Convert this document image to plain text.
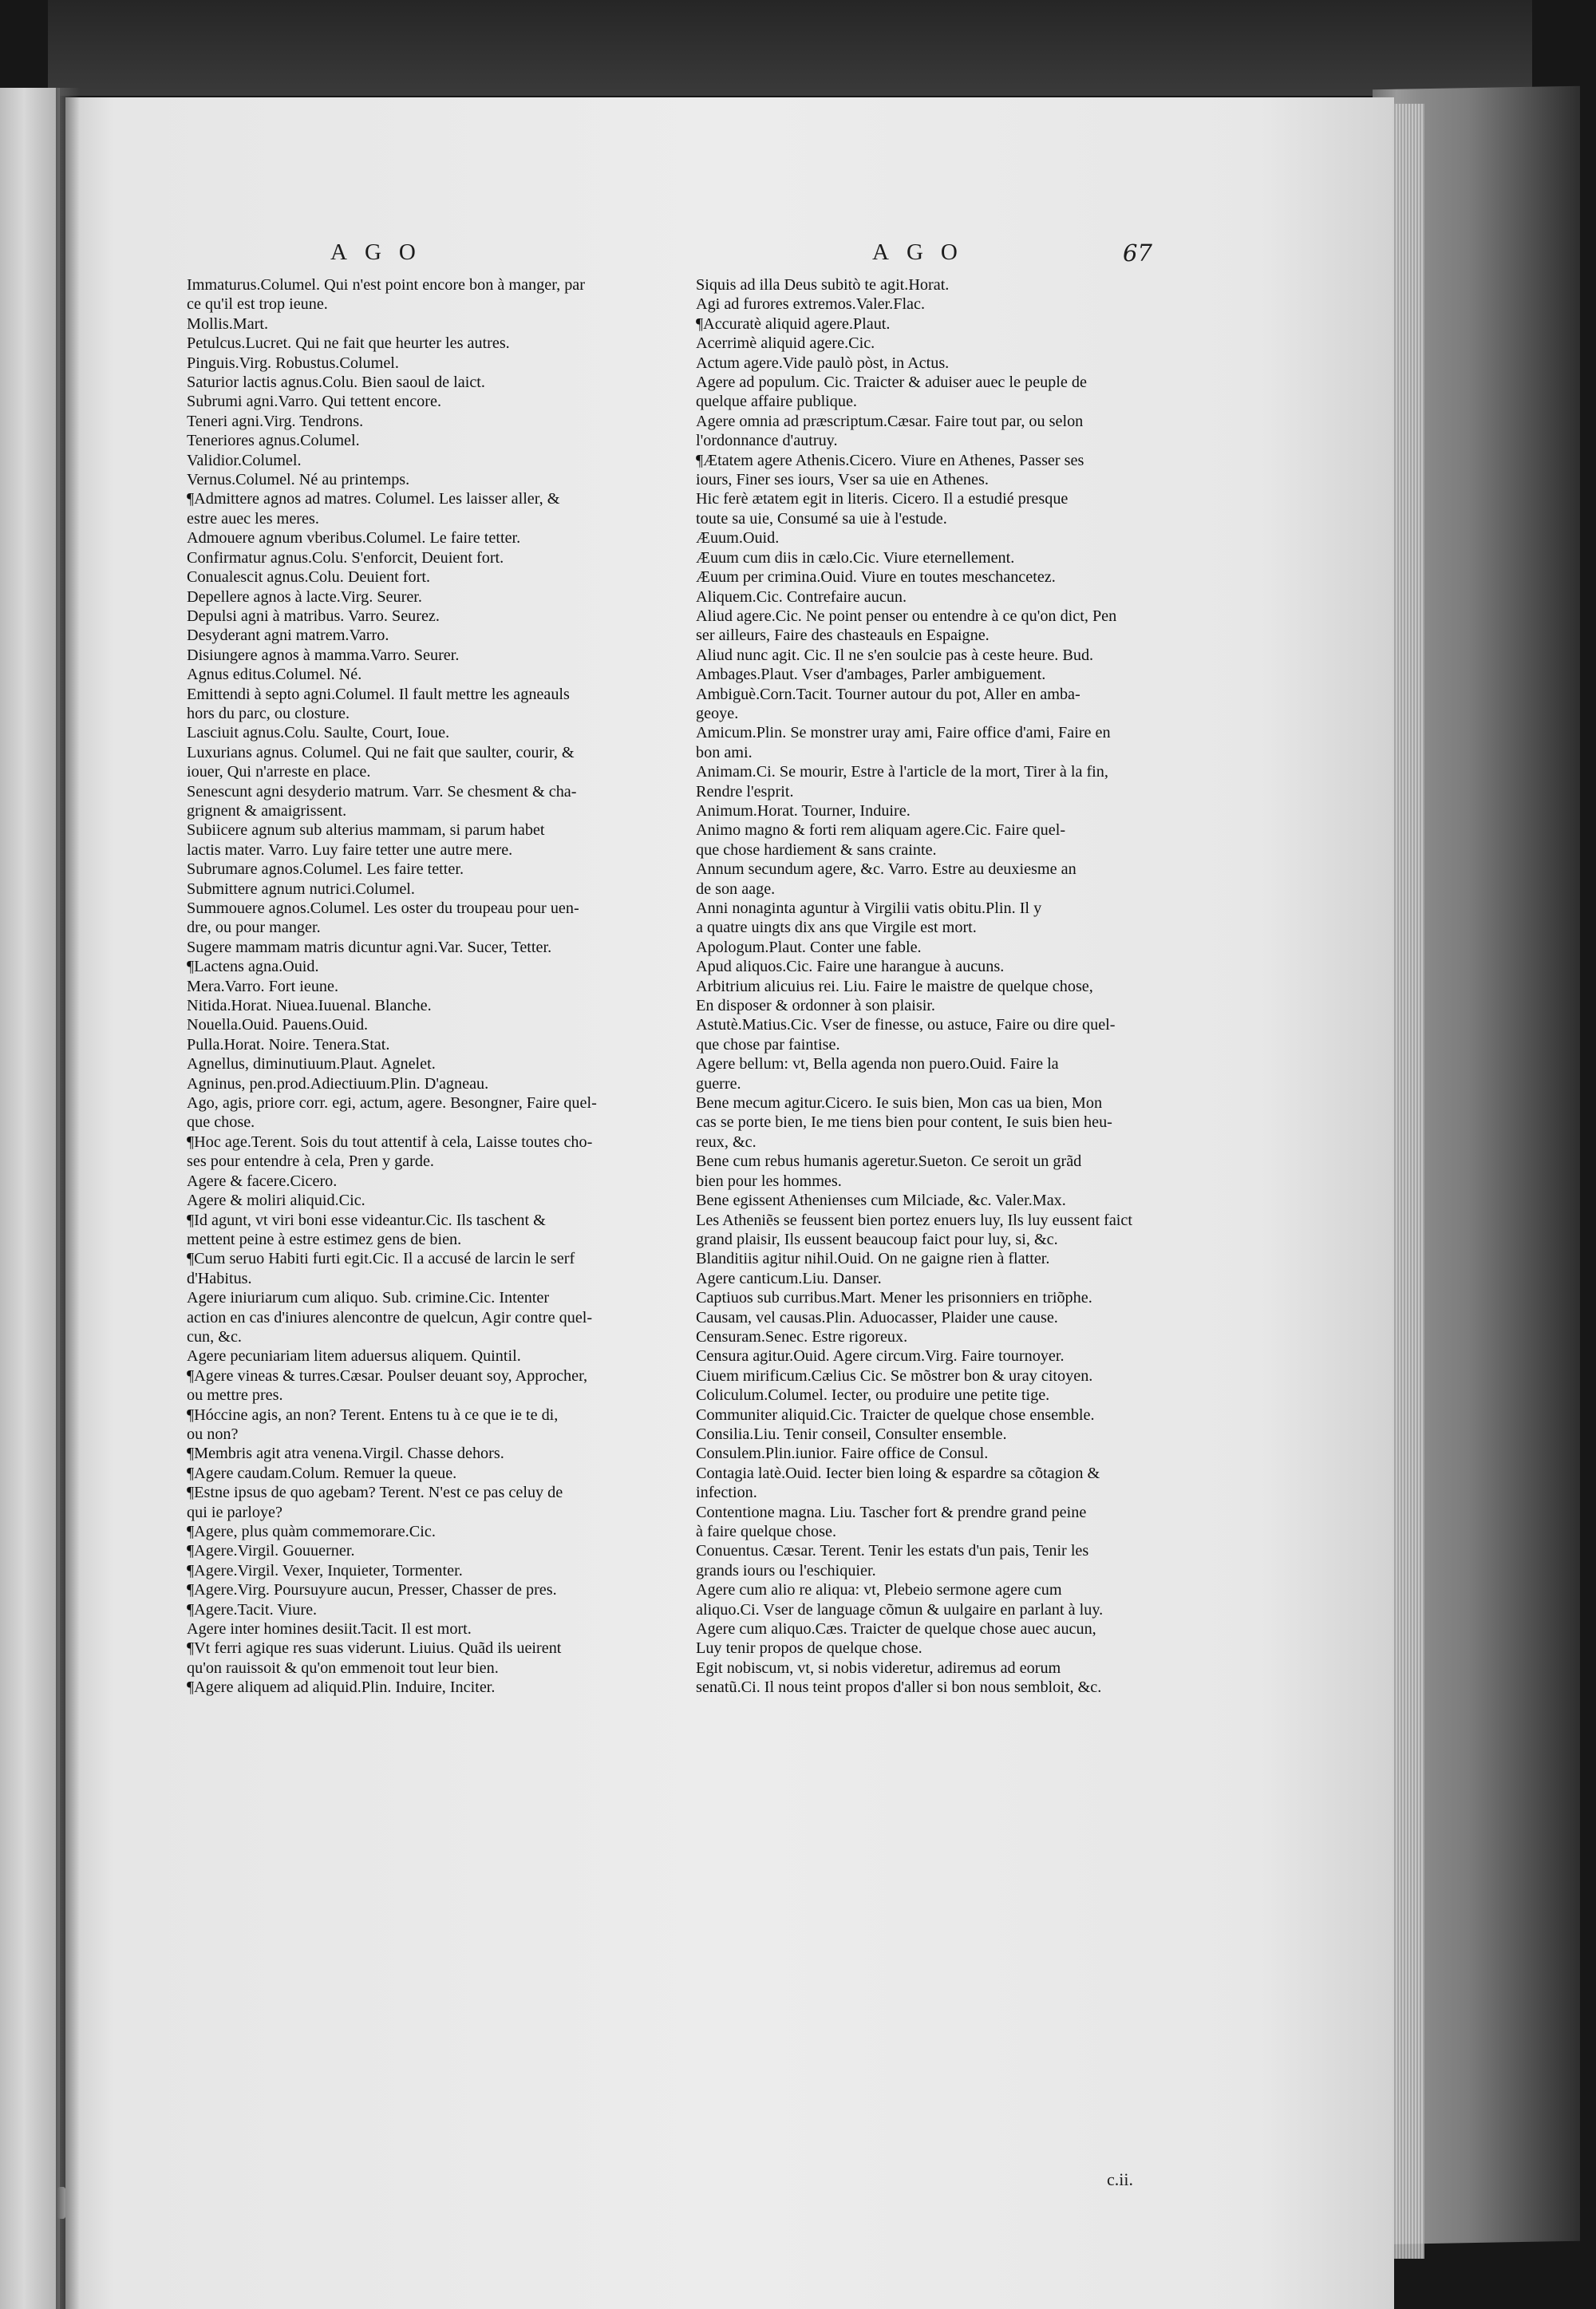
AGO	AGO	67

Immaturus.Columel. Qui n'est point encore bon à manger, par

ce qu'il est trop ieune.

Mollis.Mart.

Petulcus.Lucret. Qui ne fait que heurter les autres.

Pinguis.Virg. Robustus.Columel.

Saturior lactis agnus.Colu. Bien saoul de laict.

Subrumi agni.Varro. Qui tettent encore.

Teneri agni.Virg. Tendrons.

Teneriores agnus.Columel.

Validior.Columel.

Vernus.Columel. Né au printemps.

¶Admittere agnos ad matres. Columel. Les laisser aller, &

estre auec les meres.

Admouere agnum vberibus.Columel. Le faire tetter.

Confirmatur agnus.Colu. S'enforcit, Deuient fort.

Conualescit agnus.Colu. Deuient fort.

Depellere agnos à lacte.Virg. Seurer.

Depulsi agni à matribus. Varro. Seurez.

Desyderant agni matrem.Varro.

Disiungere agnos à mamma.Varro. Seurer.

Agnus editus.Columel. Né.

Emittendi à septo agni.Columel. Il fault mettre les agneauls

hors du parc, ou closture.

Lasciuit agnus.Colu. Saulte, Court, Ioue.

Luxurians agnus. Columel. Qui ne fait que saulter, courir, &

iouer, Qui n'arreste en place.

Senescunt agni desyderio matrum. Varr. Se chesment & cha-

grignent & amaigrissent.

Subiicere agnum sub alterius mammam, si parum habet

lactis mater. Varro. Luy faire tetter une autre mere.

Subrumare agnos.Columel. Les faire tetter.

Submittere agnum nutrici.Columel.

Summouere agnos.Columel. Les oster du troupeau pour uen-

dre, ou pour manger.

Sugere mammam matris dicuntur agni.Var. Sucer, Tetter.

¶Lactens agna.Ouid.

Mera.Varro. Fort ieune.

Nitida.Horat. Niuea.Iuuenal. Blanche.

Nouella.Ouid. Pauens.Ouid.

Pulla.Horat. Noire. Tenera.Stat.

Agnellus, diminutiuum.Plaut. Agnelet.

Agninus, pen.prod.Adiectiuum.Plin. D'agneau.

Ago, agis, priore corr. egi, actum, agere. Besongner, Faire quel-

que chose.

¶Hoc age.Terent. Sois du tout attentif à cela, Laisse toutes cho-

ses pour entendre à cela, Pren y garde.

Agere & facere.Cicero.

Agere & moliri aliquid.Cic.

¶Id agunt, vt viri boni esse videantur.Cic. Ils taschent &

mettent peine à estre estimez gens de bien.

¶Cum seruo Habiti furti egit.Cic. Il a accusé de larcin le serf

d'Habitus.

Agere iniuriarum cum aliquo. Sub. crimine.Cic. Intenter

action en cas d'iniures alencontre de quelcun, Agir contre quel-

cun, &c.

Agere pecuniariam litem aduersus aliquem. Quintil.

¶Agere vineas & turres.Cæsar. Poulser deuant soy, Approcher,

ou mettre pres.

¶Hóccine agis, an non? Terent. Entens tu à ce que ie te di,

ou non?

¶Membris agit atra venena.Virgil. Chasse dehors.

¶Agere caudam.Colum. Remuer la queue.

¶Estne ipsus de quo agebam? Terent. N'est ce pas celuy de

qui ie parloye?

¶Agere, plus quàm commemorare.Cic.

¶Agere.Virgil. Gouuerner.

¶Agere.Virgil. Vexer, Inquieter, Tormenter.

¶Agere.Virg. Poursuyure aucun, Presser, Chasser de pres.

¶Agere.Tacit. Viure.

Agere inter homines desiit.Tacit. Il est mort.

¶Vt ferri agique res suas viderunt. Liuius. Quãd ils ueirent

qu'on rauissoit & qu'on emmenoit tout leur bien.

¶Agere aliquem ad aliquid.Plin. Induire, Inciter.

Siquis ad illa Deus subitò te agit.Horat.

Agi ad furores extremos.Valer.Flac.

¶Accuratè aliquid agere.Plaut.

Acerrimè aliquid agere.Cic.

Actum agere.Vide paulò pòst, in Actus.

Agere ad populum. Cic. Traicter & aduiser auec le peuple de

quelque affaire publique.

Agere omnia ad præscriptum.Cæsar. Faire tout par, ou selon

l'ordonnance d'autruy.

¶Ætatem agere Athenis.Cicero. Viure en Athenes, Passer ses

iours, Finer ses iours, Vser sa uie en Athenes.

Hic ferè ætatem egit in literis. Cicero. Il a estudié presque

toute sa uie, Consumé sa uie à l'estude.

Æuum.Ouid.

Æuum cum diis in cælo.Cic. Viure eternellement.

Æuum per crimina.Ouid. Viure en toutes meschancetez.

Aliquem.Cic. Contrefaire aucun.

Aliud agere.Cic. Ne point penser ou entendre à ce qu'on dict, Pen

ser ailleurs, Faire des chasteauls en Espaigne.

Aliud nunc agit. Cic. Il ne s'en soulcie pas à ceste heure. Bud.

Ambages.Plaut. Vser d'ambages, Parler ambiguement.

Ambiguè.Corn.Tacit. Tourner autour du pot, Aller en amba-

geoye.

Amicum.Plin. Se monstrer uray ami, Faire office d'ami, Faire en

bon ami.

Animam.Ci. Se mourir, Estre à l'article de la mort, Tirer à la fin,

Rendre l'esprit.

Animum.Horat. Tourner, Induire.

Animo magno & forti rem aliquam agere.Cic. Faire quel-

que chose hardiement & sans crainte.

Annum secundum agere, &c. Varro. Estre au deuxiesme an

de son aage.

Anni nonaginta aguntur à Virgilii vatis obitu.Plin. Il y

a quatre uingts dix ans que Virgile est mort.

Apologum.Plaut. Conter une fable.

Apud aliquos.Cic. Faire une harangue à aucuns.

Arbitrium alicuius rei. Liu. Faire le maistre de quelque chose,

En disposer & ordonner à son plaisir.

Astutè.Matius.Cic. Vser de finesse, ou astuce, Faire ou dire quel-

que chose par faintise.

Agere bellum: vt, Bella agenda non puero.Ouid. Faire la

guerre.

Bene mecum agitur.Cicero. Ie suis bien, Mon cas ua bien, Mon

cas se porte bien, Ie me tiens bien pour content, Ie suis bien heu-

reux, &c.

Bene cum rebus humanis ageretur.Sueton. Ce seroit un grãd

bien pour les hommes.

Bene egissent Athenienses cum Milciade, &c. Valer.Max.

Les Atheniẽs se feussent bien portez enuers luy, Ils luy eussent faict

grand plaisir, Ils eussent beaucoup faict pour luy, si, &c.

Blanditiis agitur nihil.Ouid. On ne gaigne rien à flatter.

Agere canticum.Liu. Danser.

Captiuos sub curribus.Mart. Mener les prisonniers en triõphe.

Causam, vel causas.Plin. Aduocasser, Plaider une cause.

Censuram.Senec. Estre rigoreux.

Censura agitur.Ouid. Agere circum.Virg. Faire tournoyer.

Ciuem mirificum.Cælius Cic. Se mõstrer bon & uray citoyen.

Coliculum.Columel. Iecter, ou produire une petite tige.

Communiter aliquid.Cic. Traicter de quelque chose ensemble.

Consilia.Liu. Tenir conseil, Consulter ensemble.

Consulem.Plin.iunior. Faire office de Consul.

Contagia latè.Ouid. Iecter bien loing & espardre sa cõtagion &

infection.

Contentione magna. Liu. Tascher fort & prendre grand peine

à faire quelque chose.

Conuentus. Cæsar. Terent. Tenir les estats d'un pais, Tenir les

grands iours ou l'eschiquier.

Agere cum alio re aliqua: vt, Plebeio sermone agere cum

aliquo.Ci. Vser de language cõmun & uulgaire en parlant à luy.

Agere cum aliquo.Cæs. Traicter de quelque chose auec aucun,

Luy tenir propos de quelque chose.

Egit nobiscum, vt, si nobis videretur, adiremus ad eorum

senatũ.Ci. Il nous teint propos d'aller si bon nous sembloit, &c.

c.ii.
